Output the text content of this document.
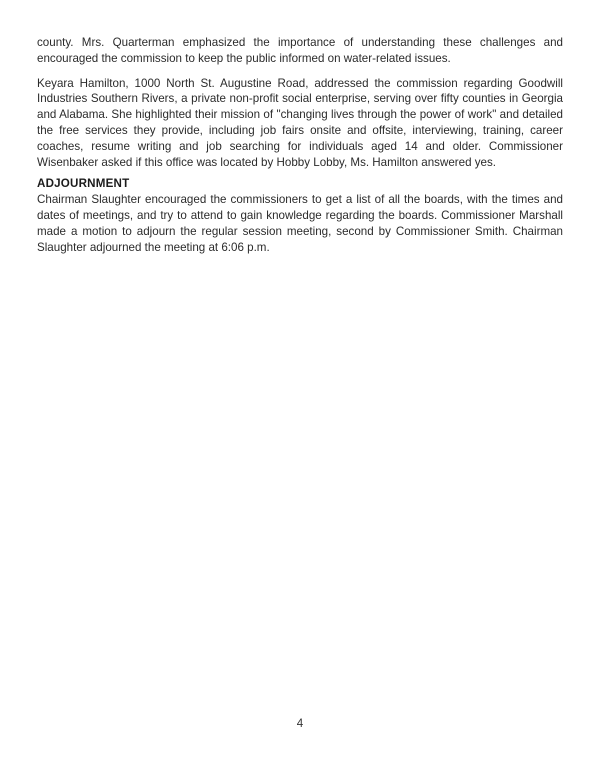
county. Mrs. Quarterman emphasized the importance of understanding these challenges and
encouraged the commission to keep the public informed on water-related issues.
Keyara Hamilton, 1000 North St. Augustine Road, addressed the commission regarding Goodwill
Industries Southern Rivers, a private non-profit social enterprise, serving over fifty counties in Georgia
and Alabama. She highlighted their mission of "changing lives through the power of work" and detailed
the free services they provide, including job fairs onsite and offsite, interviewing, training, career
coaches, resume writing and job searching for individuals aged 14 and older. Commissioner
Wisenbaker asked if this office was located by Hobby Lobby, Ms. Hamilton answered yes.
ADJOURNMENT
Chairman Slaughter encouraged the commissioners to get a list of all the boards, with the times and
dates of meetings, and try to attend to gain knowledge regarding the boards. Commissioner Marshall
made a motion to adjourn the regular session meeting, second by Commissioner Smith. Chairman
Slaughter adjourned the meeting at 6:06 p.m.
4
